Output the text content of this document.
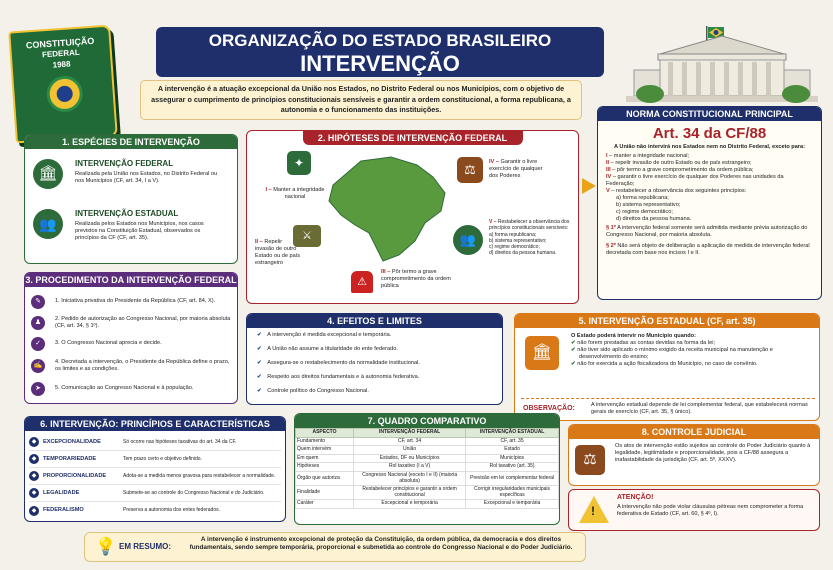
CONSTITUIÇÃO
FEDERAL
1988
ORGANIZAÇÃO DO ESTADO BRASILEIRO
INTERVENÇÃO
A intervenção é a atuação excepcional da União nos Estados, no Distrito Federal ou nos Municípios, com o objetivo de assegurar o cumprimento de princípios constitucionais sensíveis e garantir a ordem constitucional, a forma republicana, a autonomia e o funcionamento das instituições.
1. ESPÉCIES DE INTERVENÇÃO
🏛
INTERVENÇÃO FEDERAL
Realizada pela União nos Estados, no Distrito Federal ou nos Municípios (CF, art. 34, I a V).
👥
INTERVENÇÃO ESTADUAL
Realizada pelos Estados nos Municípios, nos casos previstos na Constituição Estadual, observados os princípios da CF (CF, art. 35).
2. HIPÓTESES DE INTERVENÇÃO FEDERAL
✦
I – Manter a integridade nacional
⚔
II – Repelir invasão de outro Estado ou de país estrangeiro
⚠
III – Pôr termo a grave comprometimento da ordem pública
⚖	IV – Garantir o livre exercício de qualquer dos Poderes
👥
V – Restabelecer a observância dos princípios constitucionais sensíveis:
a) forma republicana;
b) sistema representativo;
c) regime democrático;
d) direitos da pessoa humana.
NORMA CONSTITUCIONAL PRINCIPAL
Art. 34 da CF/88
A União não intervirá nos Estados nem no Distrito Federal, exceto para:
I – manter a integridade nacional;
II – repelir invasão de outro Estado ou de país estrangeiro;
III – pôr termo a grave comprometimento da ordem pública;
IV – garantir o livre exercício de qualquer dos Poderes nas unidades da Federação;
V – restabelecer a observância dos seguintes princípios:
a) forma republicana;
b) sistema representativo;
c) regime democrático;
d) direitos da pessoa humana.
§ 1º A intervenção federal somente será admitida mediante prévia autorização do Congresso Nacional, por maioria absoluta.
§ 2º Não será objeto de deliberação a aplicação de medida de intervenção federal decretada com base nos incisos I e II.
3. PROCEDIMENTO DA INTERVENÇÃO FEDERAL
✎	1. Iniciativa privativa do Presidente da República (CF, art. 84, X).
♟	2. Pedido de autorização ao Congresso Nacional, por maioria absoluta (CF, art. 34, § 1º).
✓	3. O Congresso Nacional aprecia e decide.
✍	4. Decretada a intervenção, o Presidente da República define o prazo, os limites e as condições.
➤	5. Comunicação ao Congresso Nacional e à população.
4. EFEITOS E LIMITES
✔ A intervenção é medida excepcional e temporária.
✔ A União não assume a titularidade do ente federado.
✔ Assegura-se o restabelecimento da normalidade institucional.
✔ Respeito aos direitos fundamentais e à autonomia federativa.
✔ Controle político do Congresso Nacional.
5. INTERVENÇÃO ESTADUAL (CF, art. 35)
🏛
O Estado poderá intervir no Município quando:
✔ não forem prestadas as contas devidas na forma da lei;
✔ não tiver sido aplicado o mínimo exigido da receita municipal na manutenção e desenvolvimento do ensino;
✔ não for exercida a ação fiscalizadora do Município, no caso de convênio.
OBSERVAÇÃO:	A intervenção estadual depende de lei complementar federal, que estabelecerá normas gerais de exercício (CF, art. 35, § único).
6. INTERVENÇÃO: PRINCÍPIOS E CARACTERÍSTICAS
◆	EXCEPCIONALIDADE	Só ocorre nas hipóteses taxativas do art. 34 da CF.
◆	TEMPORARIEDADE	Tem prazo certo e objetivo definido.
◆	PROPORCIONALIDADE	Adota-se a medida menos gravosa para restabelecer a normalidade.
◆	LEGALIDADE	Submete-se ao controle do Congresso Nacional e do Judiciário.
◆	FEDERALISMO	Preserva a autonomia dos entes federados.
7. QUADRO COMPARATIVO
ASPECTO	INTERVENÇÃO FEDERAL	INTERVENÇÃO ESTADUAL
Fundamento	CF, art. 34	CF, art. 35
Quem intervém	União	Estado
Em quem	Estados, DF ou Municípios	Municípios
Hipóteses	Rol taxativo (I a V)	Rol taxativo (art. 35)
Órgão que autoriza	Congresso Nacional (exceto I e II) (maioria absoluta)	Previsão em lei complementar federal
Finalidade	Restabelecer princípios e garantir a ordem constitucional	Corrigir irregularidades municipais específicas
Caráter	Excepcional e temporária	Excepcional e temporária
8. CONTROLE JUDICIAL
⚖
Os atos de intervenção estão sujeitos ao controle do Poder Judiciário quanto à legalidade, legitimidade e proporcionalidade, pois a CF/88 assegura a inafastabilidade da jurisdição (CF, art. 5º, XXXV).
!
ATENÇÃO!
A intervenção não pode violar cláusulas pétreas nem comprometer a forma federativa de Estado (CF, art. 60, § 4º, I).
💡 EM RESUMO:
A intervenção é instrumento excepcional de proteção da Constituição, da ordem pública, da democracia e dos direitos fundamentais, sendo sempre temporária, proporcional e submetida ao controle do Congresso Nacional e do Poder Judiciário.
